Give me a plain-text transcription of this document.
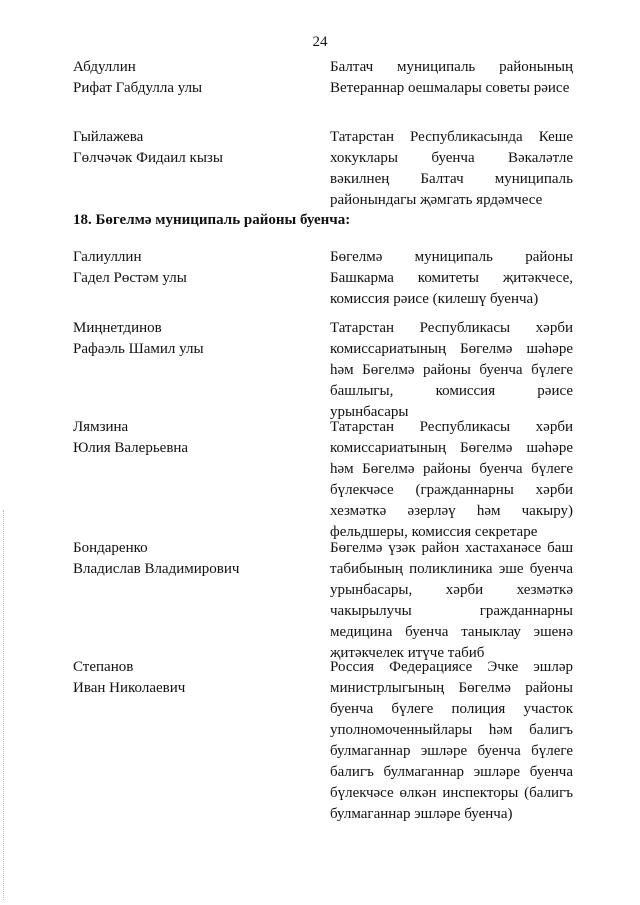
24
Абдуллин
Рифат Габдулла улы
Балтач муниципаль районының
Ветераннар оешмалары советы рәисе
Гыйлажева
Гөлчәчәк Фидаил кызы
Татарстан Республикасында Кеше
хокуклары буенча Вәкаләтле
вәкилнең Балтач муниципаль
районындагы җәмгать ярдәмчесе
18. Бөгелмә муниципаль районы буенча:
Галиуллин
Гадел Рөстәм улы
Бөгелмә муниципаль районы
Башкарма комитеты җитәкчесе,
комиссия рәисе (килешү буенча)
Миңнетдинов
Рафаэль Шамил улы
Татарстан Республикасы хәрби
комиссариатының Бөгелмә шәһәре
һәм Бөгелмә районы буенча бүлеге
башлыгы, комиссия рәисе
урынбасары
Лямзина
Юлия Валерьевна
Татарстан Республикасы хәрби
комиссариатының Бөгелмә шәһәре
һәм Бөгелмә районы буенча бүлеге
бүлекчәсе (гражданнарны хәрби
хезмәткә әзерләү һәм чакыру)
фельдшеры, комиссия секретаре
Бондаренко
Владислав Владимирович
Бөгелмә үзәк район хастаханәсе баш
табибының поликлиника эше буенча
урынбасары, хәрби хезмәткә
чакырылучы гражданнарны
медицина буенча таныклау эшенә
җитәкчелек итүче табиб
Степанов
Иван Николаевич
Россия Федерациясе Эчке эшләр
министрлыгының Бөгелмә районы
буенча бүлеге полиция участок
уполномоченныйлары һәм балигъ
булмаганнар эшләре буенча бүлеге
балигъ булмаганнар эшләре буенча
бүлекчәсе өлкән инспекторы (балигъ
булмаганнар эшләре буенча)
